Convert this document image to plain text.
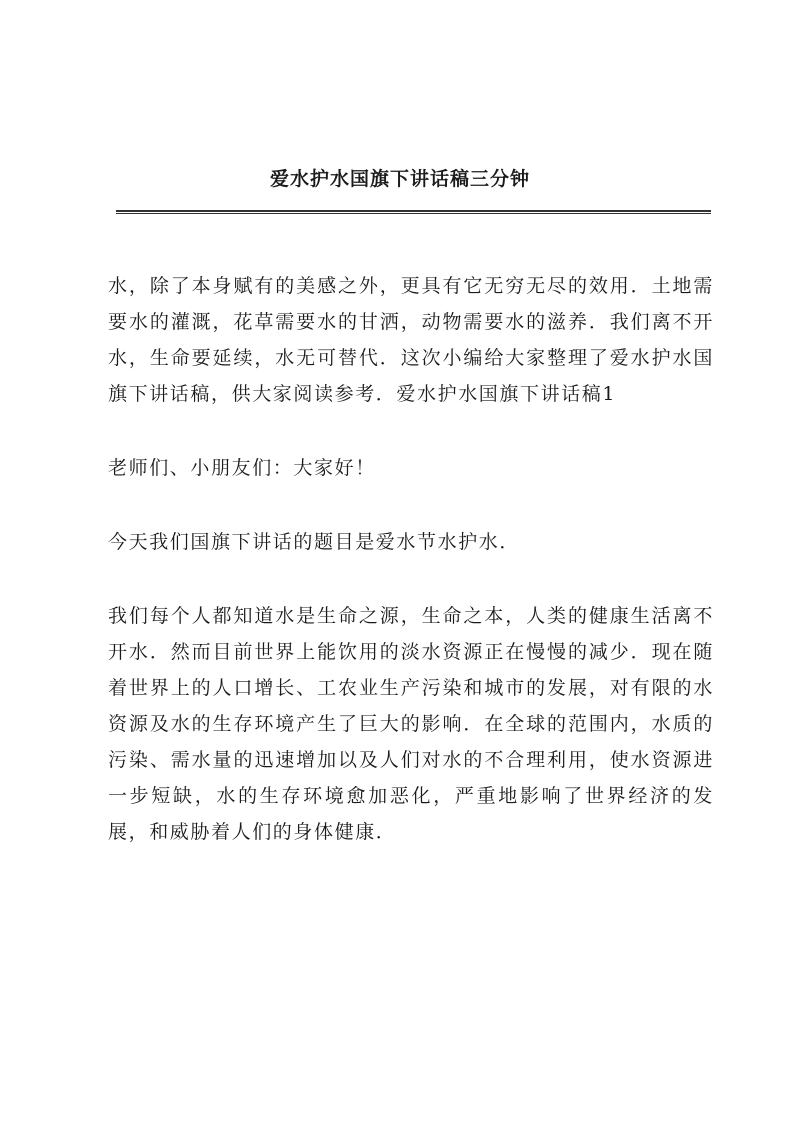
爱水护水国旗下讲话稿三分钟

水，除了本身赋有的美感之外，更具有它无穷无尽的效用．土地需要水的灌溉，花草需要水的甘洒，动物需要水的滋养．我们离不开水，生命要延续，水无可替代．这次小编给大家整理了爱水护水国旗下讲话稿，供大家阅读参考．爱水护水国旗下讲话稿1

老师们、小朋友们：大家好！

今天我们国旗下讲话的题目是爱水节水护水．

我们每个人都知道水是生命之源，生命之本，人类的健康生活离不开水．然而目前世界上能饮用的淡水资源正在慢慢的减少．现在随着世界上的人口增长、工农业生产污染和城市的发展，对有限的水资源及水的生存环境产生了巨大的影响．在全球的范围内，水质的污染、需水量的迅速增加以及人们对水的不合理利用，使水资源进一步短缺，水的生存环境愈加恶化，严重地影响了世界经济的发展，和威胁着人们的身体健康．
